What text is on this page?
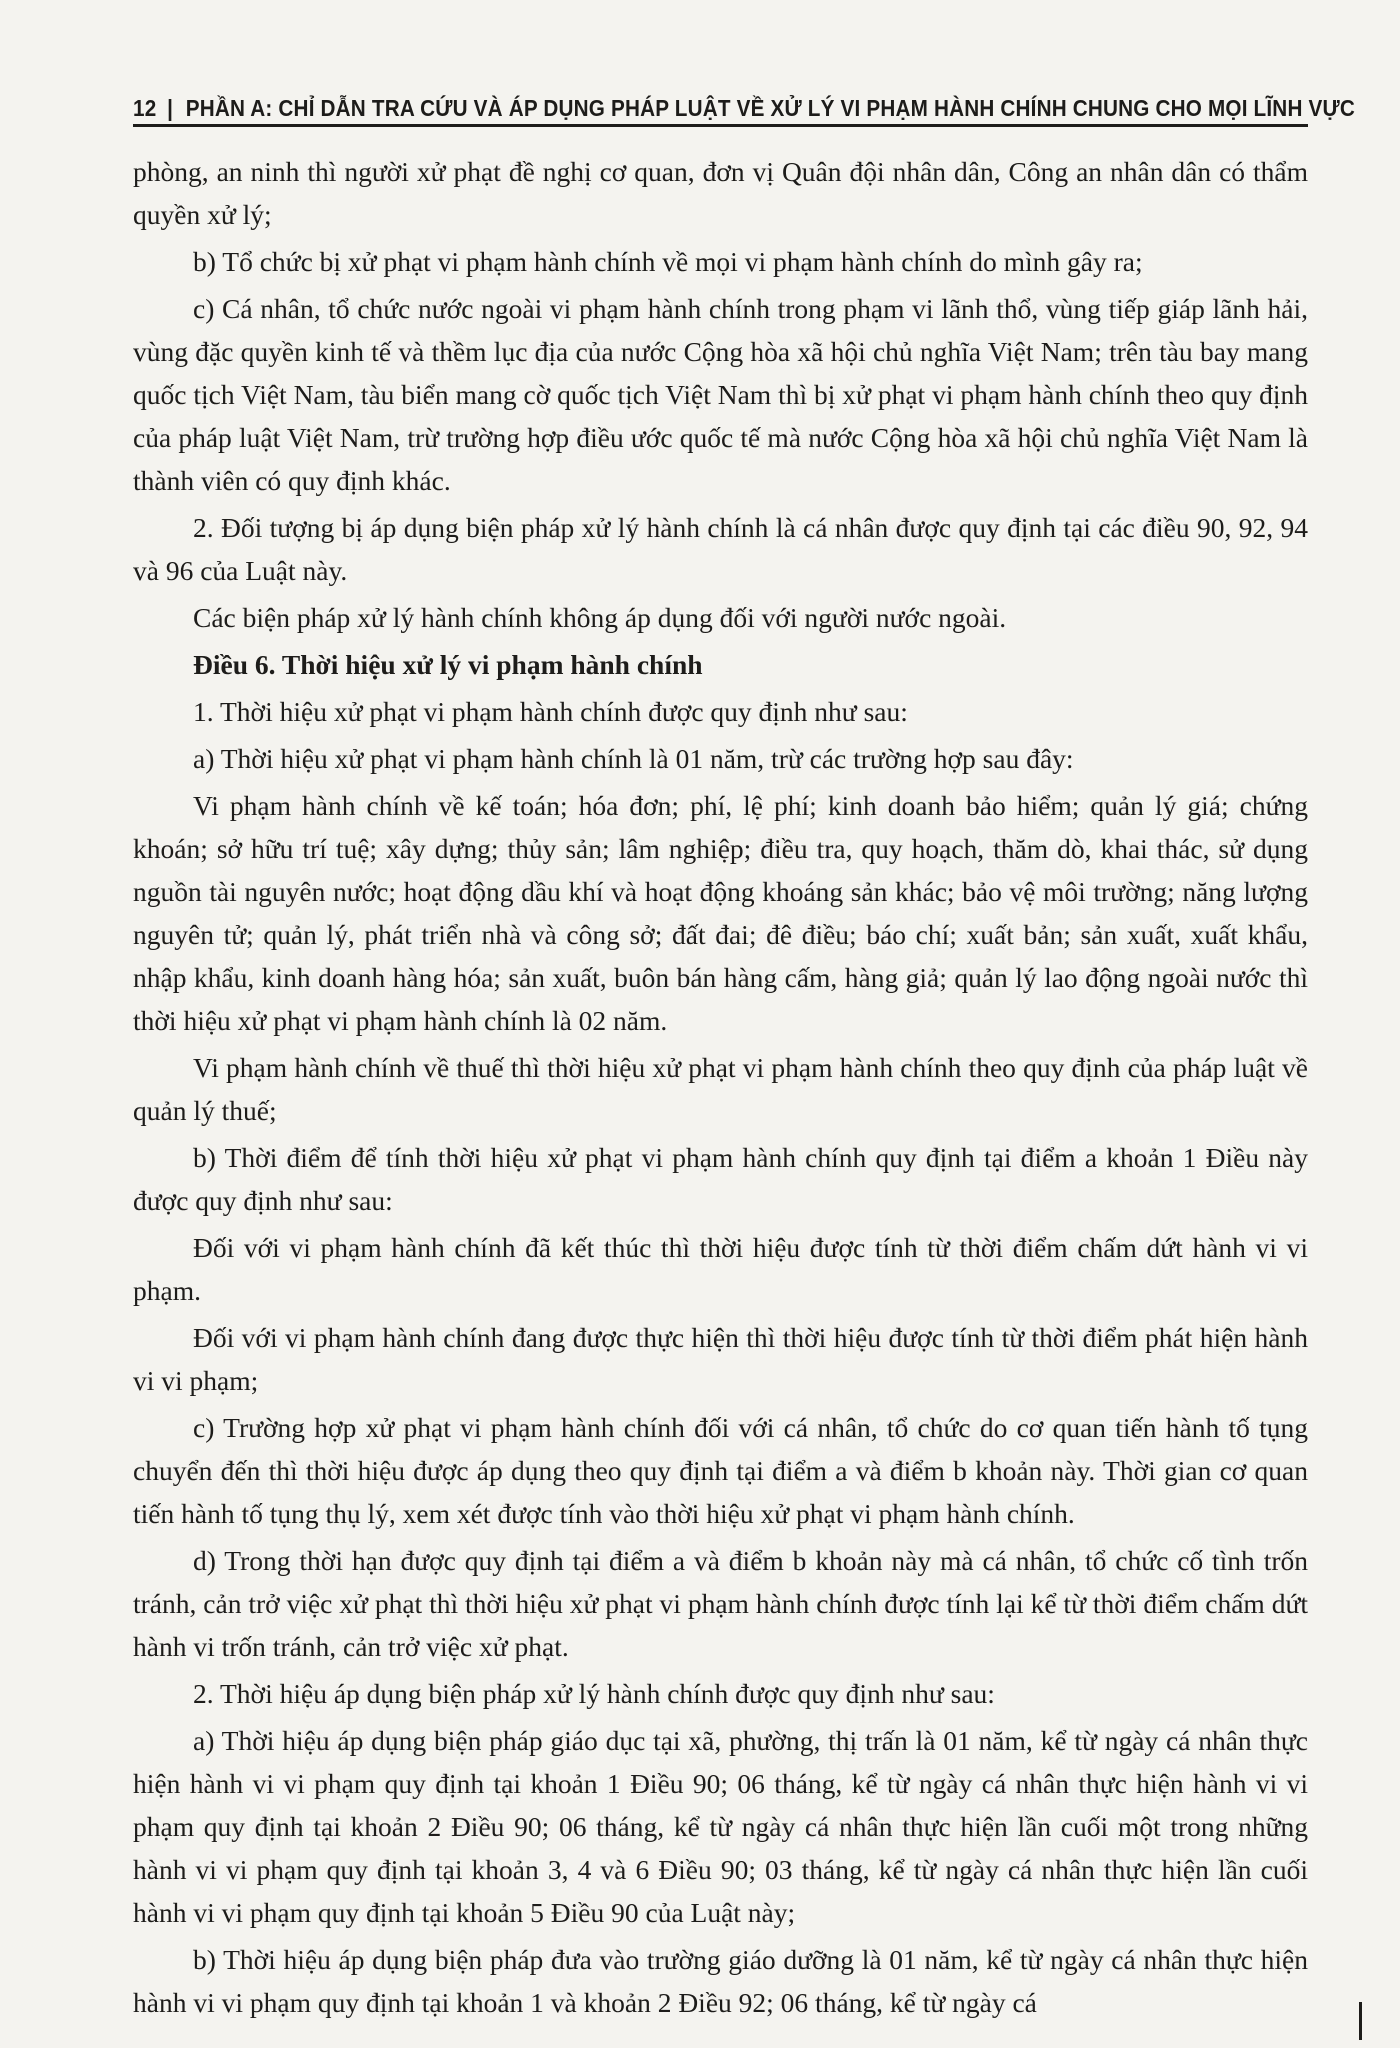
12 | PHẦN A: CHỈ DẪN TRA CỨU VÀ ÁP DỤNG PHÁP LUẬT VỀ XỬ LÝ VI PHẠM HÀNH CHÍNH CHUNG CHO MỌI LĨNH VỰC

phòng, an ninh thì người xử phạt đề nghị cơ quan, đơn vị Quân đội nhân dân, Công an nhân dân có thẩm quyền xử lý;

b) Tổ chức bị xử phạt vi phạm hành chính về mọi vi phạm hành chính do mình gây ra;

c) Cá nhân, tổ chức nước ngoài vi phạm hành chính trong phạm vi lãnh thổ, vùng tiếp giáp lãnh hải, vùng đặc quyền kinh tế và thềm lục địa của nước Cộng hòa xã hội chủ nghĩa Việt Nam; trên tàu bay mang quốc tịch Việt Nam, tàu biển mang cờ quốc tịch Việt Nam thì bị xử phạt vi phạm hành chính theo quy định của pháp luật Việt Nam, trừ trường hợp điều ước quốc tế mà nước Cộng hòa xã hội chủ nghĩa Việt Nam là thành viên có quy định khác.

2. Đối tượng bị áp dụng biện pháp xử lý hành chính là cá nhân được quy định tại các điều 90, 92, 94 và 96 của Luật này.

Các biện pháp xử lý hành chính không áp dụng đối với người nước ngoài.

Điều 6. Thời hiệu xử lý vi phạm hành chính

1. Thời hiệu xử phạt vi phạm hành chính được quy định như sau:

a) Thời hiệu xử phạt vi phạm hành chính là 01 năm, trừ các trường hợp sau đây:

Vi phạm hành chính về kế toán; hóa đơn; phí, lệ phí; kinh doanh bảo hiểm; quản lý giá; chứng khoán; sở hữu trí tuệ; xây dựng; thủy sản; lâm nghiệp; điều tra, quy hoạch, thăm dò, khai thác, sử dụng nguồn tài nguyên nước; hoạt động dầu khí và hoạt động khoáng sản khác; bảo vệ môi trường; năng lượng nguyên tử; quản lý, phát triển nhà và công sở; đất đai; đê điều; báo chí; xuất bản; sản xuất, xuất khẩu, nhập khẩu, kinh doanh hàng hóa; sản xuất, buôn bán hàng cấm, hàng giả; quản lý lao động ngoài nước thì thời hiệu xử phạt vi phạm hành chính là 02 năm.

Vi phạm hành chính về thuế thì thời hiệu xử phạt vi phạm hành chính theo quy định của pháp luật về quản lý thuế;

b) Thời điểm để tính thời hiệu xử phạt vi phạm hành chính quy định tại điểm a khoản 1 Điều này được quy định như sau:

Đối với vi phạm hành chính đã kết thúc thì thời hiệu được tính từ thời điểm chấm dứt hành vi vi phạm.

Đối với vi phạm hành chính đang được thực hiện thì thời hiệu được tính từ thời điểm phát hiện hành vi vi phạm;

c) Trường hợp xử phạt vi phạm hành chính đối với cá nhân, tổ chức do cơ quan tiến hành tố tụng chuyển đến thì thời hiệu được áp dụng theo quy định tại điểm a và điểm b khoản này. Thời gian cơ quan tiến hành tố tụng thụ lý, xem xét được tính vào thời hiệu xử phạt vi phạm hành chính.

d) Trong thời hạn được quy định tại điểm a và điểm b khoản này mà cá nhân, tổ chức cố tình trốn tránh, cản trở việc xử phạt thì thời hiệu xử phạt vi phạm hành chính được tính lại kể từ thời điểm chấm dứt hành vi trốn tránh, cản trở việc xử phạt.

2. Thời hiệu áp dụng biện pháp xử lý hành chính được quy định như sau:

a) Thời hiệu áp dụng biện pháp giáo dục tại xã, phường, thị trấn là 01 năm, kể từ ngày cá nhân thực hiện hành vi vi phạm quy định tại khoản 1 Điều 90; 06 tháng, kể từ ngày cá nhân thực hiện hành vi vi phạm quy định tại khoản 2 Điều 90; 06 tháng, kể từ ngày cá nhân thực hiện lần cuối một trong những hành vi vi phạm quy định tại khoản 3, 4 và 6 Điều 90; 03 tháng, kể từ ngày cá nhân thực hiện lần cuối hành vi vi phạm quy định tại khoản 5 Điều 90 của Luật này;

b) Thời hiệu áp dụng biện pháp đưa vào trường giáo dưỡng là 01 năm, kể từ ngày cá nhân thực hiện hành vi vi phạm quy định tại khoản 1 và khoản 2 Điều 92; 06 tháng, kể từ ngày cá
